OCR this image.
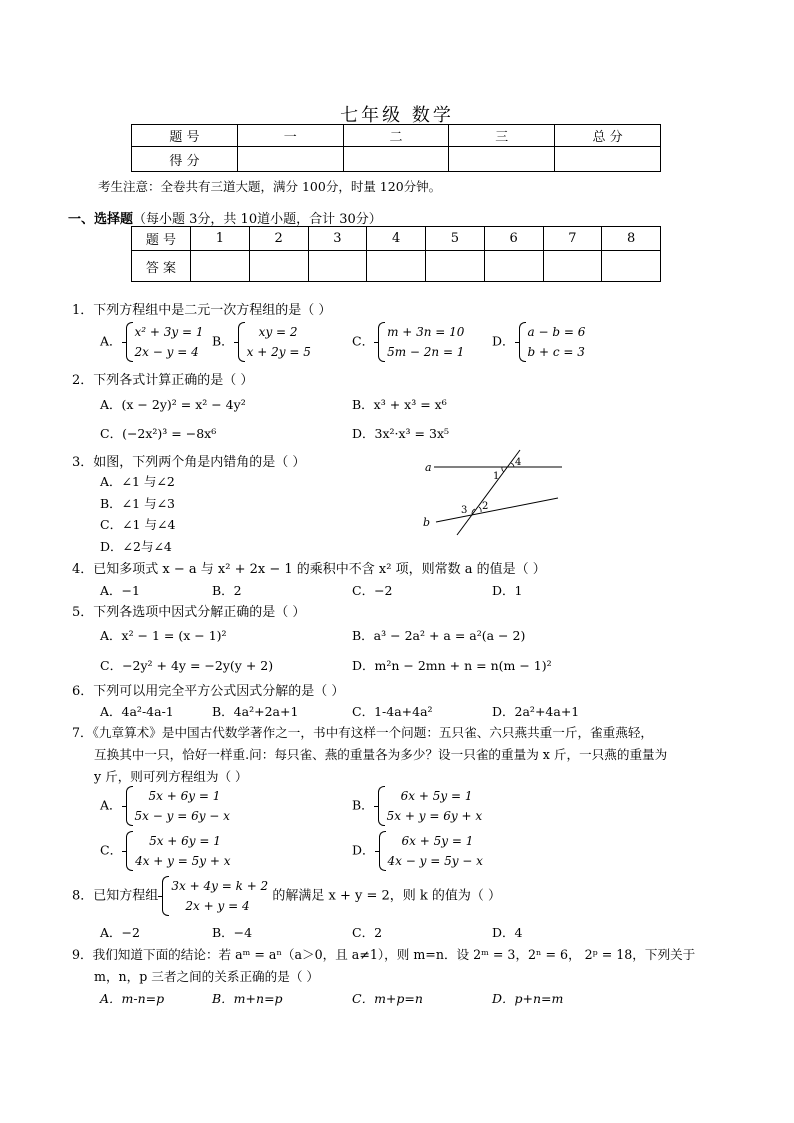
七年级 数学
题 号	一	二	三	总 分
得 分				
考生注意：全卷共有三道大题，满分 100分，时量 120分钟。
一、选择题（每小题 3分，共 10道小题，合计 30分）
题 号	1	2	3	4	5	6	7	8
答 案								
1．下列方程组中是二元一次方程组的是（ ）
A．
x² + 3y = 1
2x − y = 4
B．
xy = 2
x + 2y = 5
C．
m + 3n = 10
5m − 2n = 1
D．
a − b = 6
b + c = 3
2．下列各式计算正确的是（ ）
A．(x − 2y)² = x² − 4y²	B．x³ + x³ = x⁶
C．(−2x²)³ = −8x⁶	D．3x²·x³ = 3x⁵
3．如图，下列两个角是内错角的是（ ）
A．∠1 与∠2
B．∠1 与∠3
C．∠1 与∠4
D．∠2与∠4
a
b
1
4
3 2
4．已知多项式 x − a 与 x² + 2x − 1 的乘积中不含 x² 项，则常数 a 的值是（ ）
A．−1	B．2	C．−2	D．1
5．下列各选项中因式分解正确的是（ ）
A．x² − 1 = (x − 1)²	B．a³ − 2a² + a = a²(a − 2)
C．−2y² + 4y = −2y(y + 2)	D．m²n − 2mn + n = n(m − 1)²
6．下列可以用完全平方公式因式分解的是（ ）
A．4a²-4a-1	B．4a²+2a+1	C．1-4a+4a²	D．2a²+4a+1
7．《九章算术》是中国古代数学著作之一，书中有这样一个问题：五只雀、六只燕共重一斤，雀重燕轻，
互换其中一只，恰好一样重.问：每只雀、燕的重量各为多少？设一只雀的重量为 x 斤，一只燕的重量为
y 斤，则可列方程组为（ ）
A．
5x + 6y = 1
5x − y = 6y − x
B．
6x + 5y = 1
5x + y = 6y + x
C．
5x + 6y = 1
4x + y = 5y + x
D．
6x + 5y = 1
4x − y = 5y − x
8．已知方程组
3x + 4y = k + 2
2x + y = 4
的解满足 x + y = 2，则 k 的值为（ ）
A．−2	B．−4	C．2	D．4
9．我们知道下面的结论：若 aᵐ = aⁿ（a＞0，且 a≠1），则 m=n．设 2ᵐ = 3，2ⁿ = 6， 2ᵖ = 18，下列关于
m，n，p 三者之间的关系正确的是（ ）
A．m-n=p	B．m+n=p	C．m+p=n	D．p+n=m
